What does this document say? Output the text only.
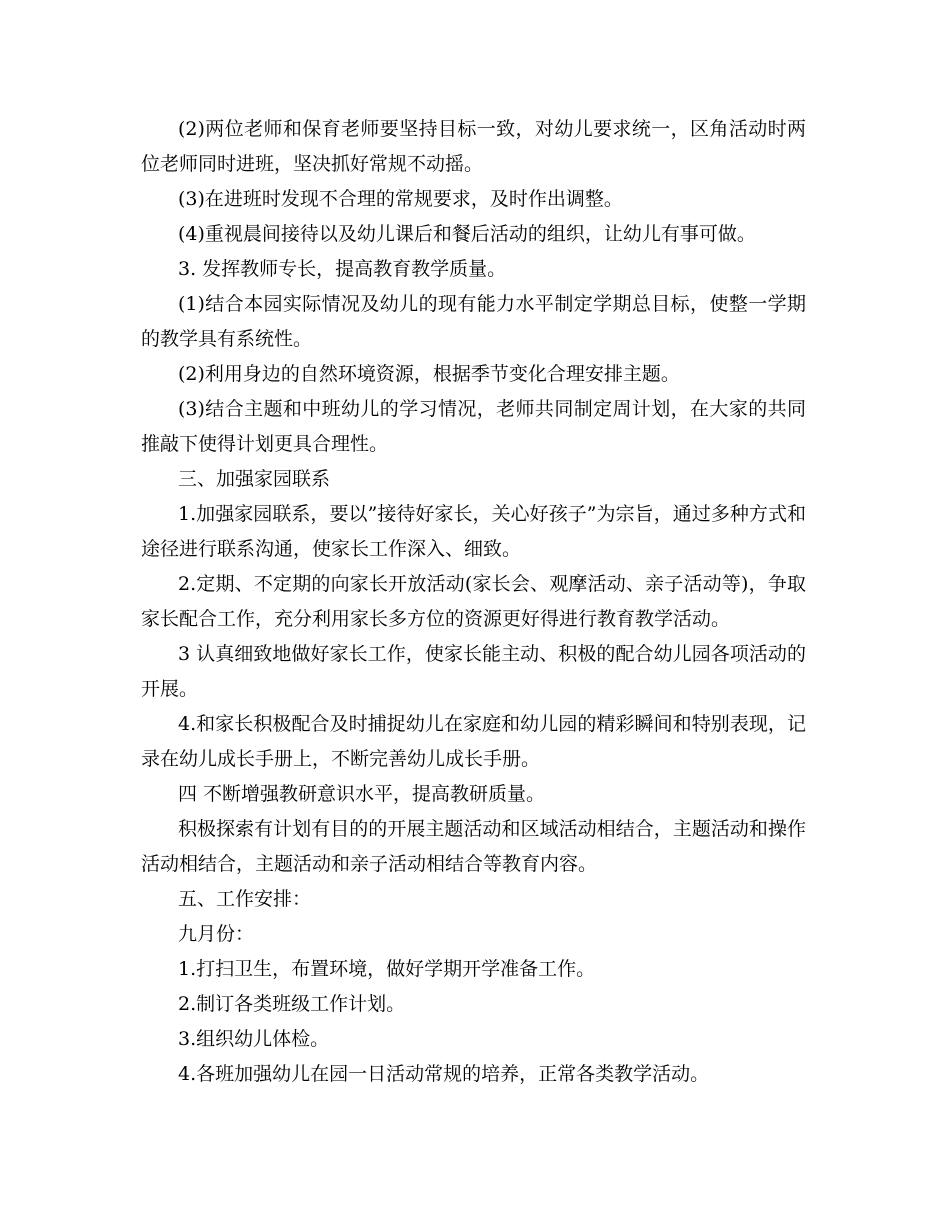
(2)两位老师和保育老师要坚持目标一致，对幼儿要求统一，区角活动时两位老师同时进班，坚决抓好常规不动摇。

(3)在进班时发现不合理的常规要求，及时作出调整。

(4)重视晨间接待以及幼儿课后和餐后活动的组织，让幼儿有事可做。

3. 发挥教师专长，提高教育教学质量。

(1)结合本园实际情况及幼儿的现有能力水平制定学期总目标，使整一学期的教学具有系统性。

(2)利用身边的自然环境资源，根据季节变化合理安排主题。

(3)结合主题和中班幼儿的学习情况，老师共同制定周计划，在大家的共同推敲下使得计划更具合理性。

三、加强家园联系

1.加强家园联系，要以”接待好家长，关心好孩子”为宗旨，通过多种方式和途径进行联系沟通，使家长工作深入、细致。

2.定期、不定期的向家长开放活动(家长会、观摩活动、亲子活动等)，争取家长配合工作，充分利用家长多方位的资源更好得进行教育教学活动。

3 认真细致地做好家长工作，使家长能主动、积极的配合幼儿园各项活动的开展。

4.和家长积极配合及时捕捉幼儿在家庭和幼儿园的精彩瞬间和特别表现，记录在幼儿成长手册上，不断完善幼儿成长手册。

四 不断增强教研意识水平，提高教研质量。

积极探索有计划有目的的开展主题活动和区域活动相结合，主题活动和操作活动相结合，主题活动和亲子活动相结合等教育内容。

五、工作安排：

九月份：

1.打扫卫生，布置环境，做好学期开学准备工作。

2.制订各类班级工作计划。

3.组织幼儿体检。

4.各班加强幼儿在园一日活动常规的培养，正常各类教学活动。
